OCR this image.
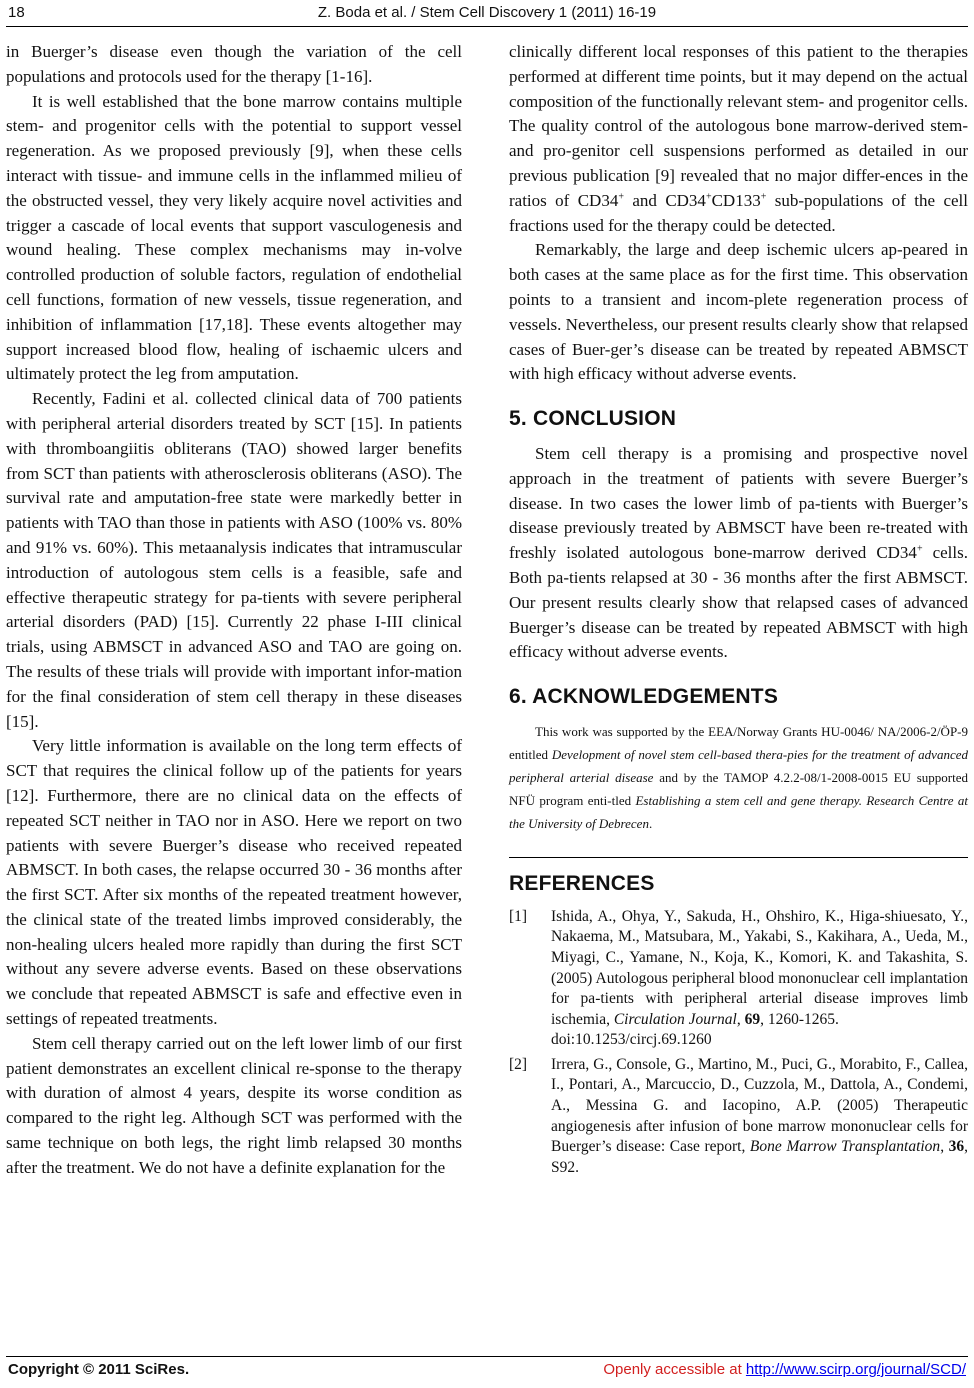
18	Z. Boda et al. / Stem Cell Discovery 1 (2011) 16-19

in Buerger’s disease even though the variation of the cell populations and protocols used for the therapy [1-16].

It is well established that the bone marrow contains multiple stem- and progenitor cells with the potential to support vessel regeneration. As we proposed previously [9], when these cells interact with tissue- and immune cells in the inflammed milieu of the obstructed vessel, they very likely acquire novel activities and trigger a cascade of local events that support vasculogenesis and wound healing. These complex mechanisms may in-volve controlled production of soluble factors, regulation of endothelial cell functions, formation of new vessels, tissue regeneration, and inhibition of inflammation [17,18]. These events altogether may support increased blood flow, healing of ischaemic ulcers and ultimately protect the leg from amputation.

Recently, Fadini et al. collected clinical data of 700 patients with peripheral arterial disorders treated by SCT [15]. In patients with thromboangiitis obliterans (TAO) showed larger benefits from SCT than patients with atherosclerosis obliterans (ASO). The survival rate and amputation-free state were markedly better in patients with TAO than those in patients with ASO (100% vs. 80% and 91% vs. 60%). This metaanalysis indicates that intramuscular introduction of autologous stem cells is a feasible, safe and effective therapeutic strategy for pa-tients with severe peripheral arterial disorders (PAD) [15]. Currently 22 phase I-III clinical trials, using ABMSCT in advanced ASO and TAO are going on. The results of these trials will provide with important infor-mation for the final consideration of stem cell therapy in these diseases [15].

Very little information is available on the long term effects of SCT that requires the clinical follow up of the patients for years [12]. Furthermore, there are no clinical data on the effects of repeated SCT neither in TAO nor in ASO. Here we report on two patients with severe Buerger’s disease who received repeated ABMSCT. In both cases, the relapse occurred 30 - 36 months after the first SCT. After six months of the repeated treatment however, the clinical state of the treated limbs improved considerably, the non-healing ulcers healed more rapidly than during the first SCT without any severe adverse events. Based on these observations we conclude that repeated ABMSCT is safe and effective even in settings of repeated treatments.

Stem cell therapy carried out on the left lower limb of our first patient demonstrates an excellent clinical re-sponse to the therapy with duration of almost 4 years, despite its worse condition as compared to the right leg. Although SCT was performed with the same technique on both legs, the right limb relapsed 30 months after the treatment. We do not have a definite explanation for the

clinically different local responses of this patient to the therapies performed at different time points, but it may depend on the actual composition of the functionally relevant stem- and progenitor cells. The quality control of the autologous bone marrow-derived stem- and pro-genitor cell suspensions performed as detailed in our previous publication [9] revealed that no major differ-ences in the ratios of CD34+ and CD34+CD133+ sub-populations of the cell fractions used for the therapy could be detected.

Remarkably, the large and deep ischemic ulcers ap-peared in both cases at the same place as for the first time. This observation points to a transient and incom-plete regeneration process of vessels. Nevertheless, our present results clearly show that relapsed cases of Buer-ger’s disease can be treated by repeated ABMSCT with high efficacy without adverse events.

5. CONCLUSION

Stem cell therapy is a promising and prospective novel approach in the treatment of patients with severe Buerger’s disease. In two cases the lower limb of pa-tients with Buerger’s disease previously treated by ABMSCT have been re-treated with freshly isolated autologous bone-marrow derived CD34+ cells. Both pa-tients relapsed at 30 - 36 months after the first ABMSCT. Our present results clearly show that relapsed cases of advanced Buerger’s disease can be treated by repeated ABMSCT with high efficacy without adverse events.

6. ACKNOWLEDGEMENTS

This work was supported by the EEA/Norway Grants HU-0046/ NA/2006-2/ÖP-9 entitled Development of novel stem cell-based thera-pies for the treatment of advanced peripheral arterial disease and by the TAMOP 4.2.2-08/1-2008-0015 EU supported NFÜ program enti-tled Establishing a stem cell and gene therapy. Research Centre at the University of Debrecen.

REFERENCES
[1]	Ishida, A., Ohya, Y., Sakuda, H., Ohshiro, K., Higa-shiuesato, Y., Nakaema, M., Matsubara, M., Yakabi, S., Kakihara, A., Ueda, M., Miyagi, C., Yamane, N., Koja, K., Komori, K. and Takashita, S. (2005) Autologous peripheral blood mononuclear cell implantation for pa-tients with peripheral arterial disease improves limb ischemia, Circulation Journal, 69, 1260-1265.
doi:10.1253/circj.69.1260
[2]	Irrera, G., Console, G., Martino, M., Puci, G., Morabito, F., Callea, I., Pontari, A., Marcuccio, D., Cuzzola, M., Dattola, A., Condemi, A., Messina G. and Iacopino, A.P. (2005) Therapeutic angiogenesis after infusion of bone marrow mononuclear cells for Buerger’s disease: Case report, Bone Marrow Transplantation, 36, S92.
Copyright © 2011 SciRes.	Openly accessible at http://www.scirp.org/journal/SCD/
